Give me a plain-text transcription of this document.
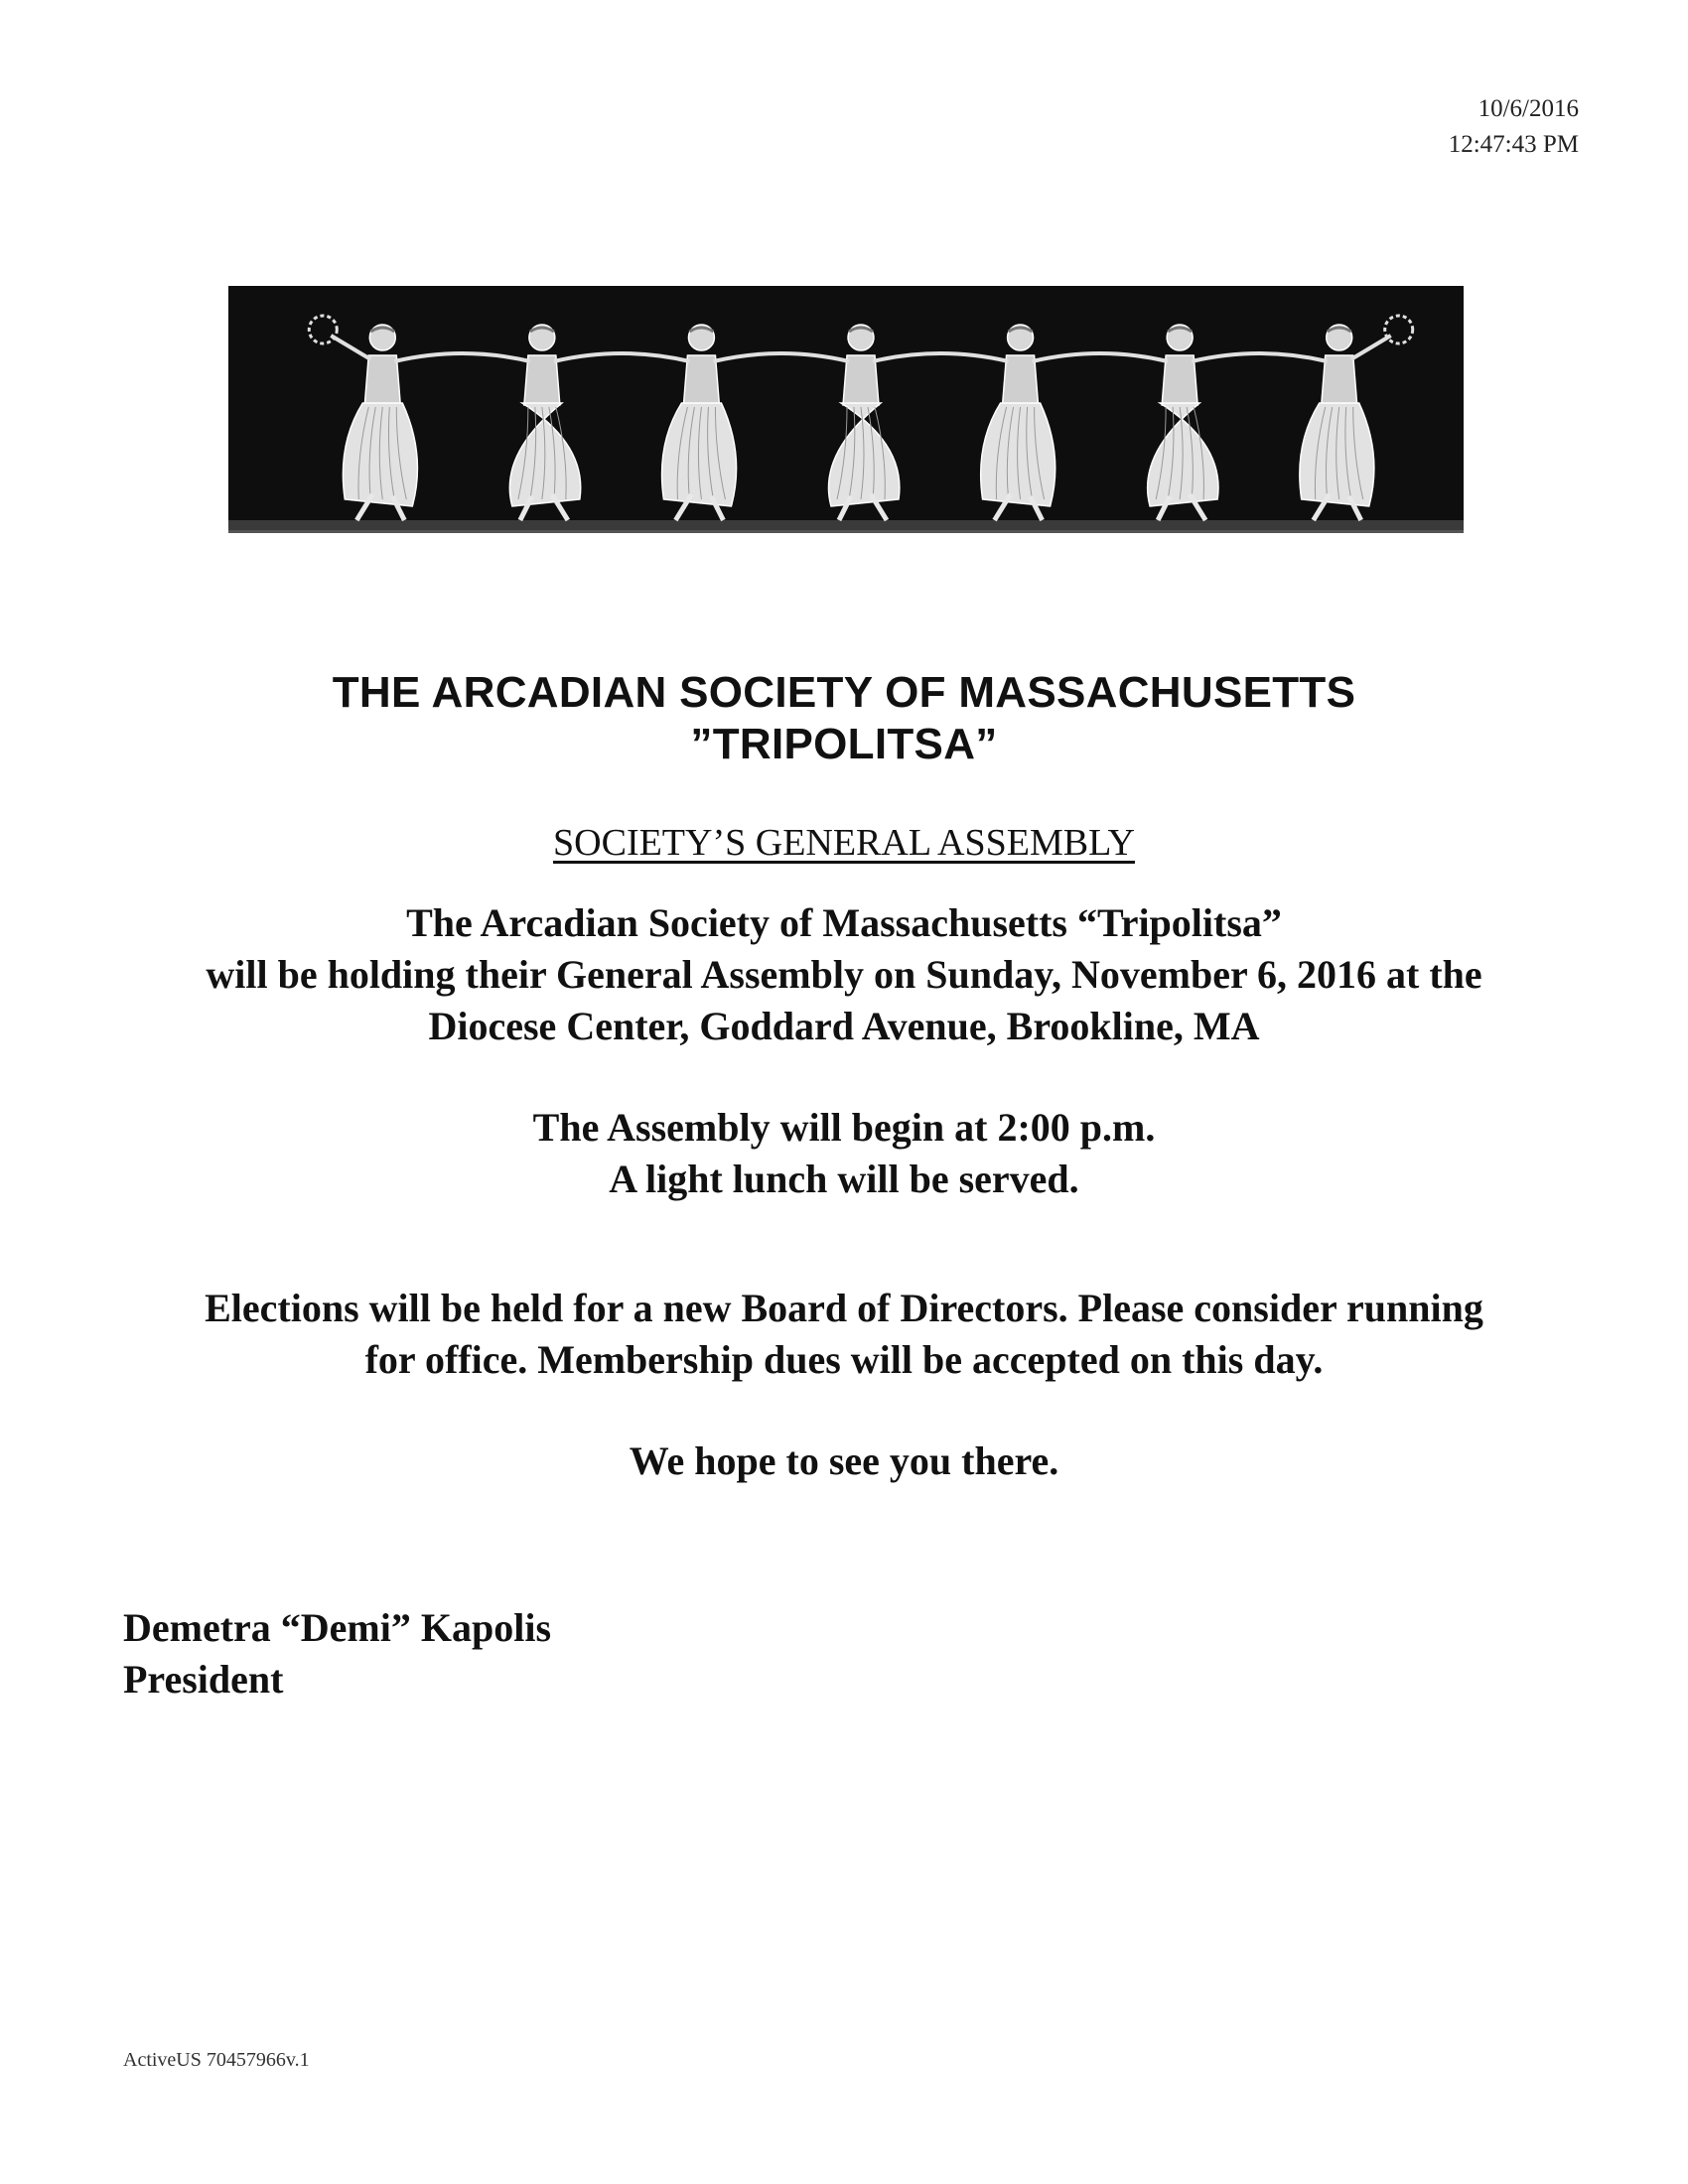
10/6/2016
12:47:43 PM
THE ARCADIAN SOCIETY OF MASSACHUSETTS
”TRIPOLITSA”
SOCIETY’S GENERAL ASSEMBLY
The Arcadian Society of Massachusetts “Tripolitsa”
will be holding their General Assembly on Sunday, November 6, 2016 at the
Diocese Center, Goddard Avenue, Brookline, MA
The Assembly will begin at 2:00 p.m.
A light lunch will be served.
Elections will be held for a new Board of Directors. Please consider running
for office. Membership dues will be accepted on this day.
We hope to see you there.
Demetra “Demi” Kapolis
President
ActiveUS 70457966v.1
